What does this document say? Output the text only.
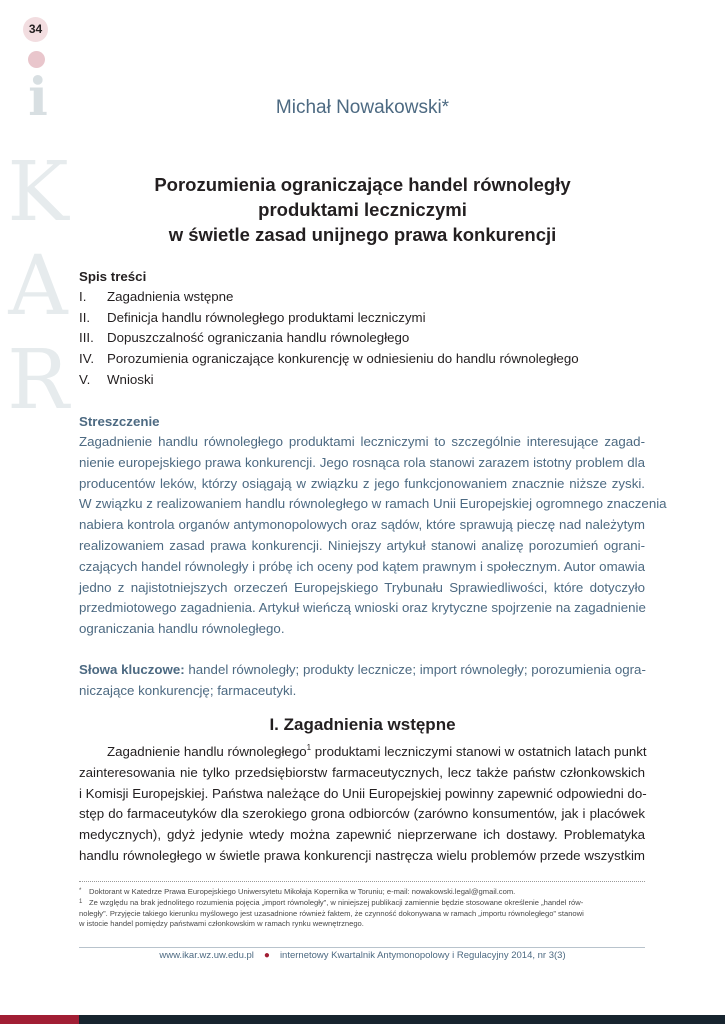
34
i
K
A
R
Michał Nowakowski*
Porozumienia ograniczające handel równoległy
produktami leczniczymi
w świetle zasad unijnego prawa konkurencji
Spis treści
I. Zagadnienia wstępne
II. Definicja handlu równoległego produktami leczniczymi
III. Dopuszczalność ograniczania handlu równoległego
IV. Porozumienia ograniczające konkurencję w odniesieniu do handlu równoległego
V. Wnioski
Streszczenie
Zagadnienie handlu równoległego produktami leczniczymi to szczególnie interesujące zagad-
nienie europejskiego prawa konkurencji. Jego rosnąca rola stanowi zarazem istotny problem dla
producentów leków, którzy osiągają w związku z jego funkcjonowaniem znacznie niższe zyski.
W związku z realizowaniem handlu równoległego w ramach Unii Europejskiej ogromnego znaczenia
nabiera kontrola organów antymonopolowych oraz sądów, które sprawują pieczę nad należytym
realizowaniem zasad prawa konkurencji. Niniejszy artykuł stanowi analizę porozumień ograni-
czających handel równoległy i próbę ich oceny pod kątem prawnym i społecznym. Autor omawia
jedno z najistotniejszych orzeczeń Europejskiego Trybunału Sprawiedliwości, które dotyczyło
przedmiotowego zagadnienia. Artykuł wieńczą wnioski oraz krytyczne spojrzenie na zagadnienie
ograniczania handlu równoległego.
Słowa kluczowe: handel równoległy; produkty lecznicze; import równoległy; porozumienia ogra-
niczające konkurencję; farmaceutyki.
I. Zagadnienia wstępne
Zagadnienie handlu równoległego$^1$ produktami leczniczymi stanowi w ostatnich latach punkt
zainteresowania nie tylko przedsiębiorstw farmaceutycznych, lecz także państw członkowskich
i Komisji Europejskiej. Państwa należące do Unii Europejskiej powinny zapewnić odpowiedni do-
stęp do farmaceutyków dla szerokiego grona odbiorców (zarówno konsumentów, jak i placówek
medycznych), gdyż jedynie wtedy można zapewnić nieprzerwane ich dostawy. Problematyka
handlu równoległego w świetle prawa konkurencji nastręcza wielu problemów przede wszystkim
* Doktorant w Katedrze Prawa Europejskiego Uniwersytetu Mikołaja Kopernika w Toruniu; e-mail: nowakowski.legal@gmail.com.
1 Ze względu na brak jednolitego rozumienia pojęcia „import równoległy”, w niniejszej publikacji zamiennie będzie stosowane określenie „handel rów-
noległy”. Przyjęcie takiego kierunku myślowego jest uzasadnione również faktem, że czynność dokonywana w ramach „importu równoległego” stanowi
w istocie handel pomiędzy państwami członkowskim w ramach rynku wewnętrznego.
www.ikar.wz.uw.edu.pl ● internetowy Kwartalnik Antymonopolowy i Regulacyjny 2014, nr 3(3)
